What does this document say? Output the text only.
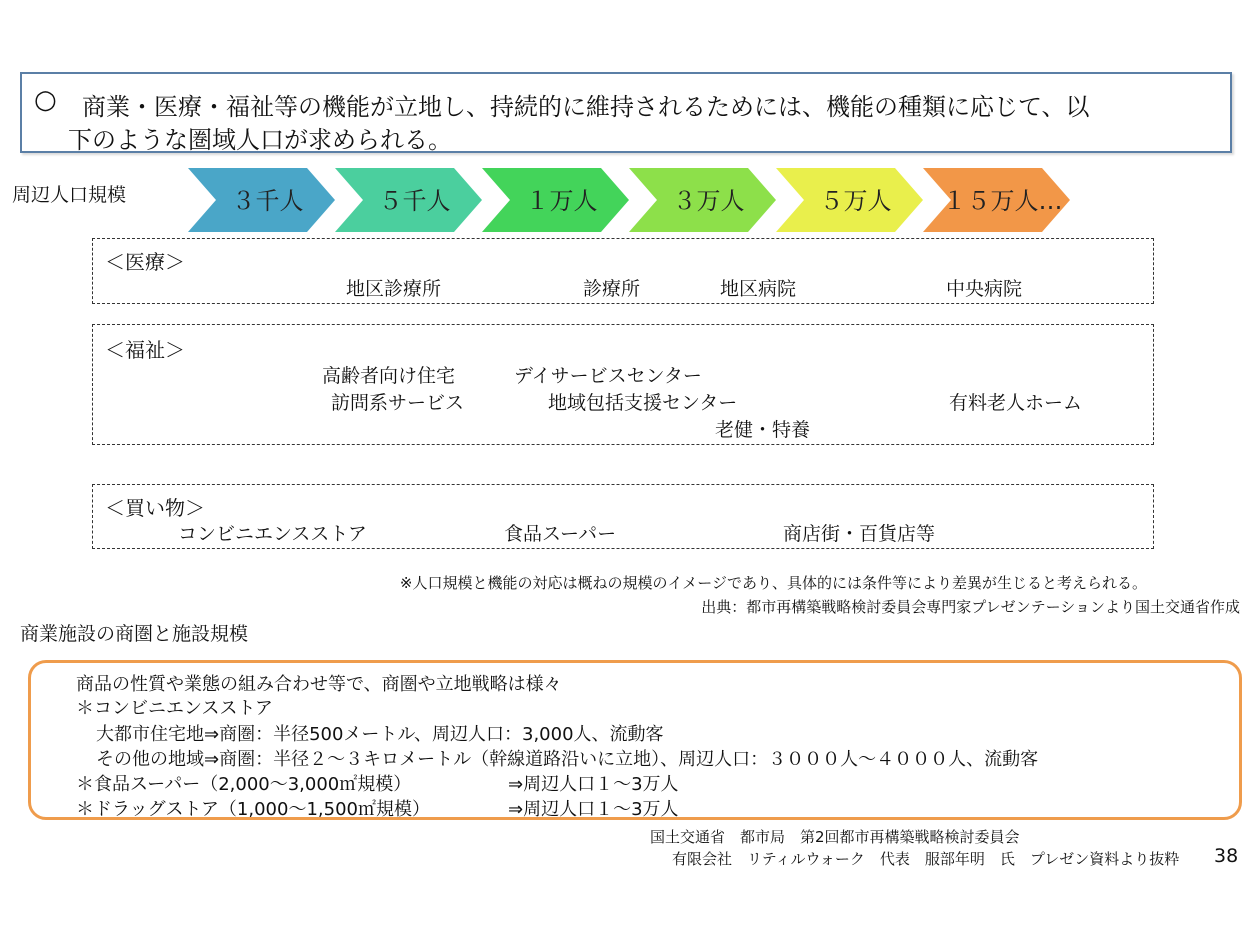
○ 商業・医療・福祉等の機能が立地し、持続的に維持されるためには、機能の種類に応じて、以
下のような圏域人口が求められる。
周辺人口規模	３千人	５千人	１万人	３万人	５万人 １５万人…
＜医療＞
地区診療所	診療所	地区病院	中央病院
＜福祉＞
高齢者向け住宅	デイサービスセンター
訪問系サービス	地域包括支援センター	有料老人ホーム
老健・特養
＜買い物＞
コンビニエンスストア	食品スーパー	商店街・百貨店等
※人口規模と機能の対応は概ねの規模のイメージであり、具体的には条件等により差異が生じると考えられる。
出典：都市再構築戦略検討委員会専門家プレゼンテーションより国土交通省作成
商業施設の商圏と施設規模
商品の性質や業態の組み合わせ等で、商圏や立地戦略は様々
＊コンビニエンスストア
大都市住宅地⇒商圏：半径500メートル、周辺人口：3,000人、流動客
その他の地域⇒商圏：半径２～３キロメートル（幹線道路沿いに立地）、周辺人口：３０００人～４０００人、流動客
＊食品スーパー（2,000～3,000㎡規模）	⇒周辺人口１～3万人
＊ドラッグストア（1,000～1,500㎡規模）	⇒周辺人口１～3万人
国土交通省　都市局　第2回都市再構築戦略検討委員会
有限会社　リティルウォーク　代表　服部年明　氏　プレゼン資料より抜粋 38
